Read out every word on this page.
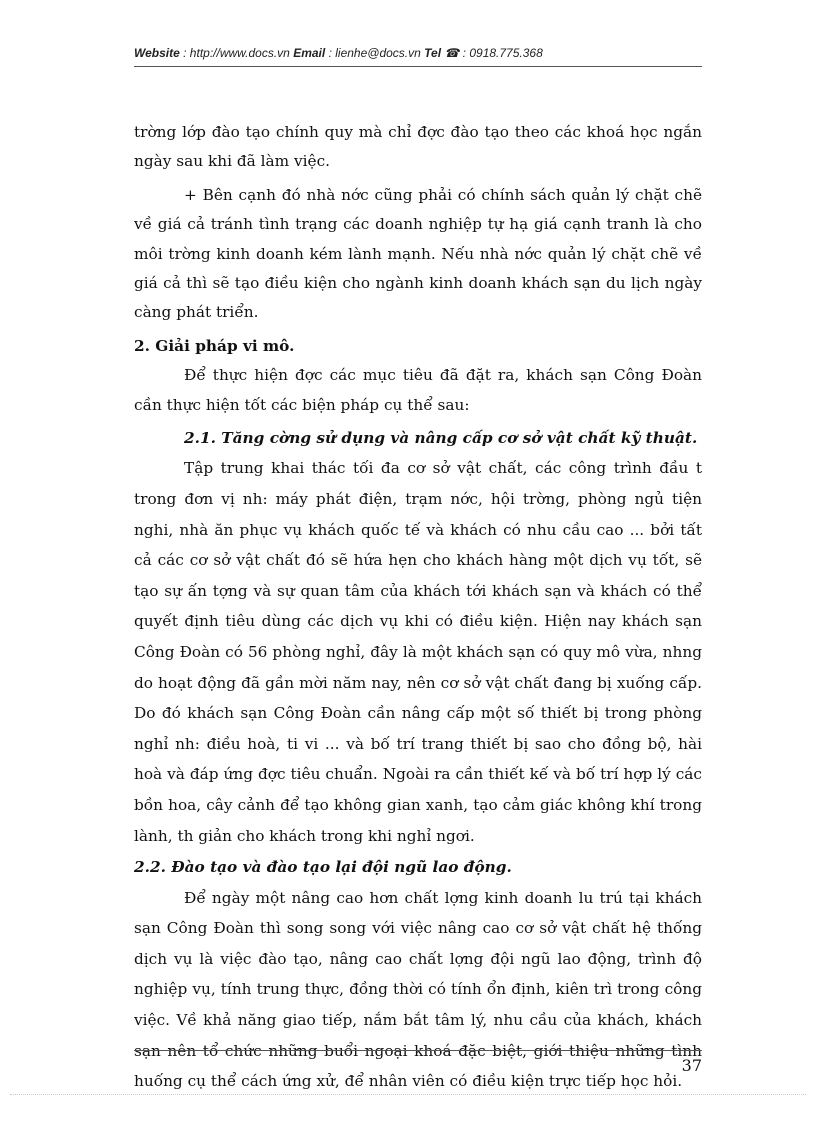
Website : http://www.docs.vn Email : lienhe@docs.vn Tel ☎ : 0918.775.368

trờng lớp đào tạo chính quy mà chỉ đợc đào tạo theo các khoá học ngắn ngày sau khi đã làm việc.

+ Bên cạnh đó nhà nớc cũng phải có chính sách quản lý chặt chẽ về giá cả tránh tình trạng các doanh nghiệp tự hạ giá cạnh tranh là cho môi trờng kinh doanh kém lành mạnh. Nếu nhà nớc quản lý chặt chẽ về giá cả thì sẽ tạo điều kiện cho ngành kinh doanh khách sạn du lịch ngày càng phát triển.

2. Giải pháp vi mô.

Để thực hiện đợc các mục tiêu đã đặt ra, khách sạn Công Đoàn cần thực hiện tốt các biện pháp cụ thể sau:

2.1. Tăng cờng sử dụng và nâng cấp cơ sở vật chất kỹ thuật.

Tập trung khai thác tối đa cơ sở vật chất, các công trình đầu t trong đơn vị nh: máy phát điện, trạm nớc, hội trờng, phòng ngủ tiện nghi, nhà ăn phục vụ khách quốc tế và khách có nhu cầu cao ... bởi tất cả các cơ sở vật chất đó sẽ hứa hẹn cho khách hàng một dịch vụ tốt, sẽ tạo sự ấn tợng và sự quan tâm của khách tới khách sạn và khách có thể quyết định tiêu dùng các dịch vụ khi có điều kiện. Hiện nay khách sạn Công Đoàn có 56 phòng nghỉ, đây là một khách sạn có quy mô vừa, nhng do hoạt động đã gần mời năm nay, nên cơ sở vật chất đang bị xuống cấp. Do đó khách sạn Công Đoàn cần nâng cấp một số thiết bị trong phòng nghỉ nh: điều hoà, ti vi ... và bố trí trang thiết bị sao cho đồng bộ, hài hoà và đáp ứng đợc tiêu chuẩn. Ngoài ra cần thiết kế và bố trí hợp lý các bồn hoa, cây cảnh để tạo không gian xanh, tạo cảm giác không khí trong lành, th giản cho khách trong khi nghỉ ngơi.

2.2. Đào tạo và đào tạo lại đội ngũ lao động.

Để ngày một nâng cao hơn chất lợng kinh doanh lu trú tại khách sạn Công Đoàn thì song song với việc nâng cao cơ sở vật chất hệ thống dịch vụ là việc đào tạo, nâng cao chất lợng đội ngũ lao động, trình độ nghiệp vụ, tính trung thực, đồng thời có tính ổn định, kiên trì trong công việc. Về khả năng giao tiếp, nắm bắt tâm lý, nhu cầu của khách, khách sạn nên tổ chức những buổi ngoại khoá đặc biệt, giới thiệu những tình huống cụ thể cách ứng xử, để nhân viên có điều kiện trực tiếp học hỏi.

37
